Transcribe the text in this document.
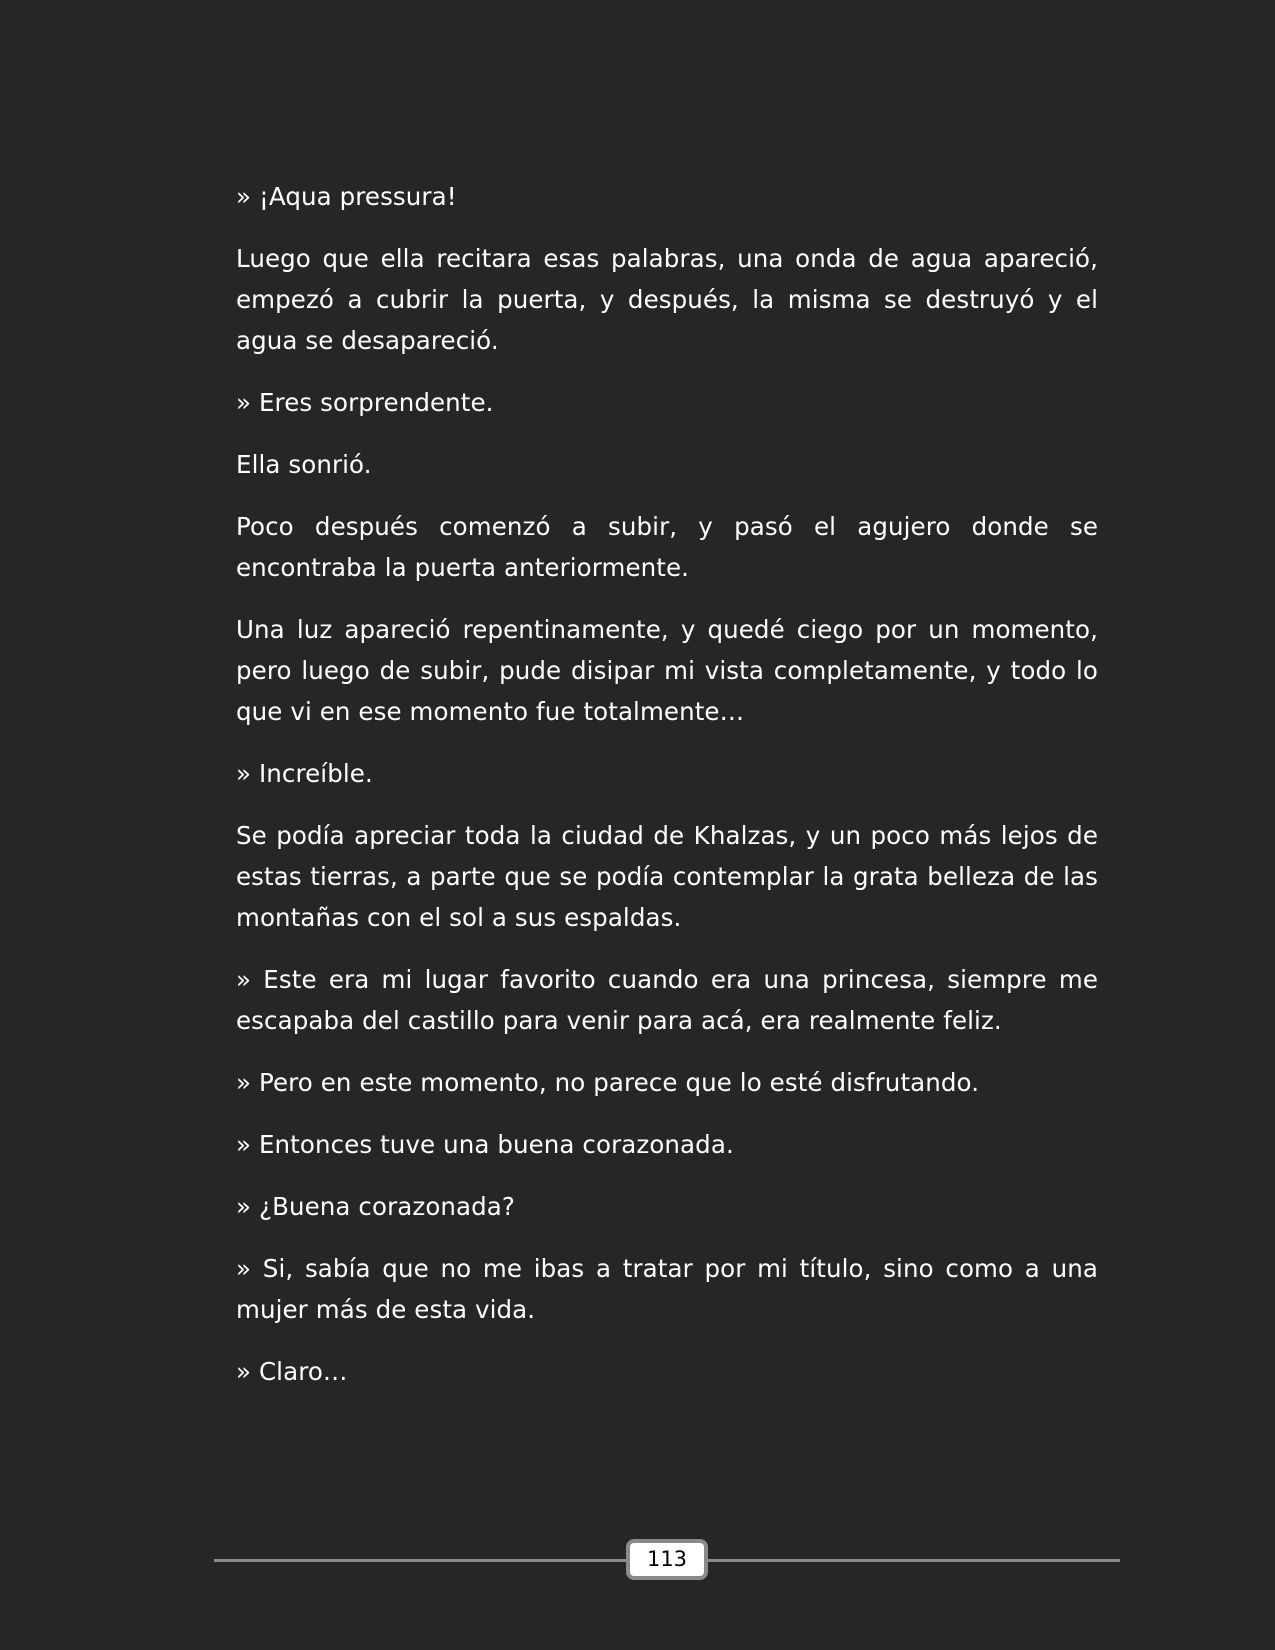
» ¡Aqua pressura!

Luego que ella recitara esas palabras, una onda de agua apareció, empezó a cubrir la puerta, y después, la misma se destruyó y el agua se desapareció.

» Eres sorprendente.

Ella sonrió.

Poco después comenzó a subir, y pasó el agujero donde se encontraba la puerta anteriormente.

Una luz apareció repentinamente, y quedé ciego por un momento, pero luego de subir, pude disipar mi vista completamente, y todo lo que vi en ese momento fue totalmente…

» Increíble.

Se podía apreciar toda la ciudad de Khalzas, y un poco más lejos de estas tierras, a parte que se podía contemplar la grata belleza de las montañas con el sol a sus espaldas.

» Este era mi lugar favorito cuando era una princesa, siempre me escapaba del castillo para venir para acá, era realmente feliz.

» Pero en este momento, no parece que lo esté disfrutando.

» Entonces tuve una buena corazonada.

» ¿Buena corazonada?

» Si, sabía que no me ibas a tratar por mi título, sino como a una mujer más de esta vida.

» Claro…

113
